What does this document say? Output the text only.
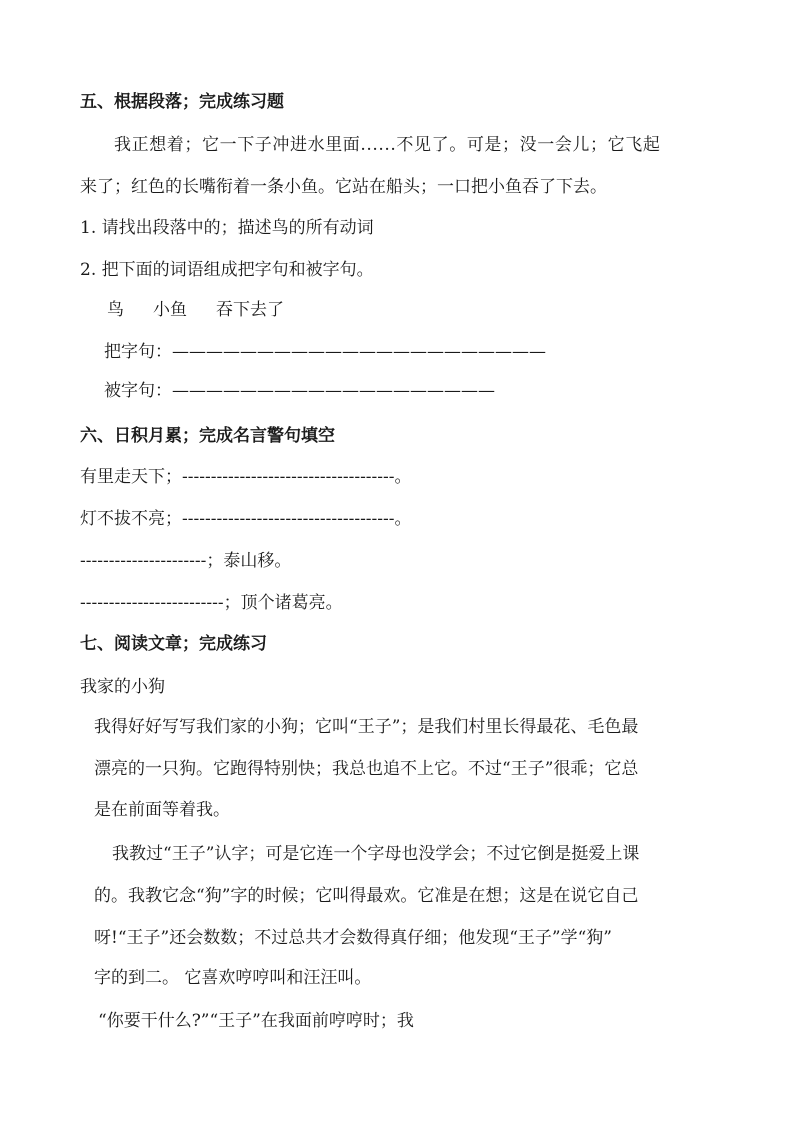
五、根据段落；完成练习题
我正想着；它一下子冲进水里面......不见了。可是；没一会儿；它飞起
来了；红色的长嘴衔着一条小鱼。它站在船头；一口把小鱼吞了下去。
1. 请找出段落中的；描述鸟的所有动词
2. 把下面的词语组成把字句和被字句。
鸟 小鱼 吞下去了
把字句：——————————————————————
被字句：———————————————————
六、日积月累；完成名言警句填空
有里走天下；-------------------------------------。
灯不拔不亮；-------------------------------------。
----------------------；泰山移。
-------------------------；顶个诸葛亮。
七、阅读文章；完成练习
我家的小狗
我得好好写写我们家的小狗；它叫“王子”；是我们村里长得最花、毛色最
漂亮的一只狗。它跑得特别快；我总也追不上它。不过“王子”很乖；它总
是在前面等着我。
我教过“王子”认字；可是它连一个字母也没学会；不过它倒是挺爱上课
的。我教它念“狗”字的时候；它叫得最欢。它准是在想；这是在说它自己
呀!“王子”还会数数；不过总共才会数得真仔细；他发现“王子”学“狗”
字的到二。 它喜欢哼哼叫和汪汪叫。
“你要干什么?”“王子”在我面前哼哼时；我
